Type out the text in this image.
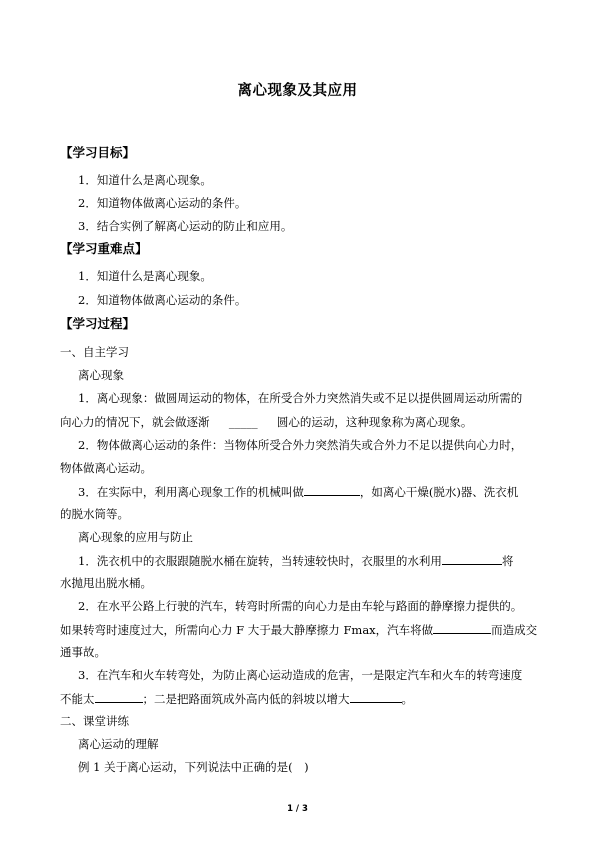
离心现象及其应用
【学习目标】
1．知道什么是离心现象。
2．知道物体做离心运动的条件。
3．结合实例了解离心运动的防止和应用。
【学习重难点】
1．知道什么是离心现象。
2．知道物体做离心运动的条件。
【学习过程】
一、自主学习
离心现象
1．离心现象：做圆周运动的物体，在所受合外力突然消失或不足以提供圆周运动所需的
向心力的情况下，就会做逐渐 _____ 圆心的运动，这种现象称为离心现象。
2．物体做离心运动的条件：当物体所受合外力突然消失或合外力不足以提供向心力时，
物体做离心运动。
3．在实际中，利用离心现象工作的机械叫做	，如离心干燥(脱水)器、洗衣机
的脱水筒等。
离心现象的应用与防止
1．洗衣机中的衣服跟随脱水桶在旋转，当转速较快时，衣服里的水利用	将
水抛甩出脱水桶。
2．在水平公路上行驶的汽车，转弯时所需的向心力是由车轮与路面的静摩擦力提供的。
如果转弯时速度过大，所需向心力 F 大于最大静摩擦力 Fmax，汽车将做	而造成交
通事故。
3．在汽车和火车转弯处，为防止离心运动造成的危害，一是限定汽车和火车的转弯速度
不能太	；二是把路面筑成外高内低的斜坡以增大	。
二、课堂讲练
离心运动的理解
例 1 关于离心运动，下列说法中正确的是(　)
1 / 3
